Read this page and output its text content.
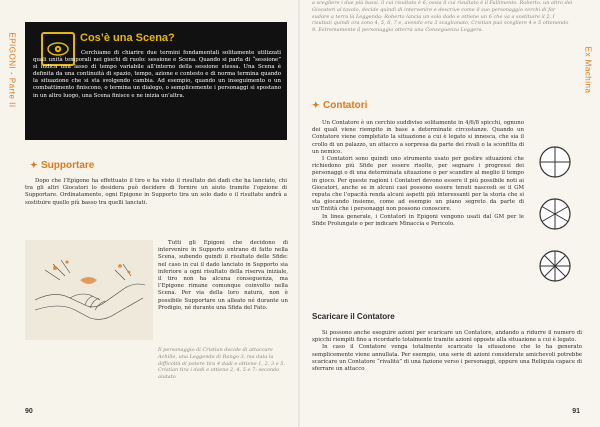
EPIGONI - Parte II	Cos’è una Scena?

Cerchiamo di chiarire due termini fondamentali solitamente utilizzati quali unità temporali nei giochi di ruolo: sessione e Scena. Quando si parla di “sessione” si indica una lasso di tempo variabile all’interno della sessione stessa. Una Scena è definita da una continuità di spazio, tempo, azione e contesto e di norma termina quando la situazione che si sta svolgendo cambia. Ad esempio, quando un inseguimento o un combattimento finiscono, o termina un dialogo, o semplicemente i personaggi si spostano in un altro luogo, una Scena finisce e ne inizia un’altra.

✦ Supportare

Dopo che l’Epigone ha effettuato il tiro e ha visto il risultato dei dadi che ha lanciato, chi tra gli altri Giocatori lo desidera può decidere di fornire un aiuto tramite l’opzione di Supportare. Ordinatamente, ogni Epigone in Supporto tira un solo dado e il risultato andrà a sostituire quello più basso tra quelli lanciati.

Tutti gli Epigoni che decidono di intervenire in Supporto entrano di fatto nella Scena, subendo quindi il risultato delle Sfide: nel caso in cui il dado lanciato in Supporto sia inferiore a ogni risultato della riserva iniziale, il tiro non ha alcuna conseguenza, ma l’Epigone rimane comunque coinvolto nella Scena. Per via della loro natura, non è possibile Supportare un alleato né durante un Prodigio, né durante una Sfida del Fato.

Il personaggio di Cristian decide di attaccare Achille, una Leggenda di Rango 3, ma data la difficoltà di potere tira 4 dadi e ottiene 1, 2, 3 e 5. Cristian tira i dadi e ottiene 2, 4, 5 e 7: secondo aiutato

90
Ex Machina

a scegliere i due più bassi, il cui risultato è 6, ossia il cui risultato è il Fallimento. Roberto, un altro dei Giocatori al tavolo, decide quindi di intervenire e descrive come il suo personaggio cerchi di far sudare a terra la Leggenda: Roberto lancia un solo dado e ottiene un 6 che va a sostituire il 2. I risultati quindi ora sono 4, 5, 6, 7 e, avendo ora 3 scaglionato, Cristian può scegliere 4 e 5 ottenendo 9. Estremamente il personaggio otterrà una Conseguenza Leggera.

✦ Contatori

Un Contatore è un cerchio suddiviso solitamente in 4/6/8 spicchi, ognuno dei quali viene riempito in base a determinate circostanze. Quando un Contatore viene completato la situazione a cui è legato si innesca, che sia il crollo di un palazzo, un attacco a sorpresa da parte dei rivali o la sconfitta di un nemico.

I Contatori sono quindi uno strumento usato per gestire situazioni che richiedono più Sfide per essere risolte, per segnare i progressi dei personaggi o di una determinata situazione o per scandire al meglio il tempo in gioco. Per queste ragioni i Contatori devono essere il più possibile noti ai Giocatori, anche se in alcuni casi possono essere tenuti nascosti se il GM reputa che l’opacità renda alcuni aspetti più interessanti per la storia che si sta giocando insieme, come ad esempio un piano segreto da parte di un’Entità che i personaggi non possono conoscere.

In linea generale, i Contatori in Epigoni vengono usati dal GM per le Sfide Prolungate o per indicare Minaccia e Pericolo.

Scaricare il Contatore

Si possono anche eseguire azioni per scaricare un Contatore, andando a ridurre il numero di spicchi riempiti fino a ricordarlo totalmente tramite azioni opposte alla situazione a cui è legato.

In caso il Contatore venga totalmente scaricato la situazione che lo ha generato semplicemente viene annullata. Per esempio, una serie di azioni considerate amichevoli potrebbe scaricare un Contatore “rivalità” di una fazione verso i personaggi, oppure una Reliquia capace di sferrare un attacco

91
